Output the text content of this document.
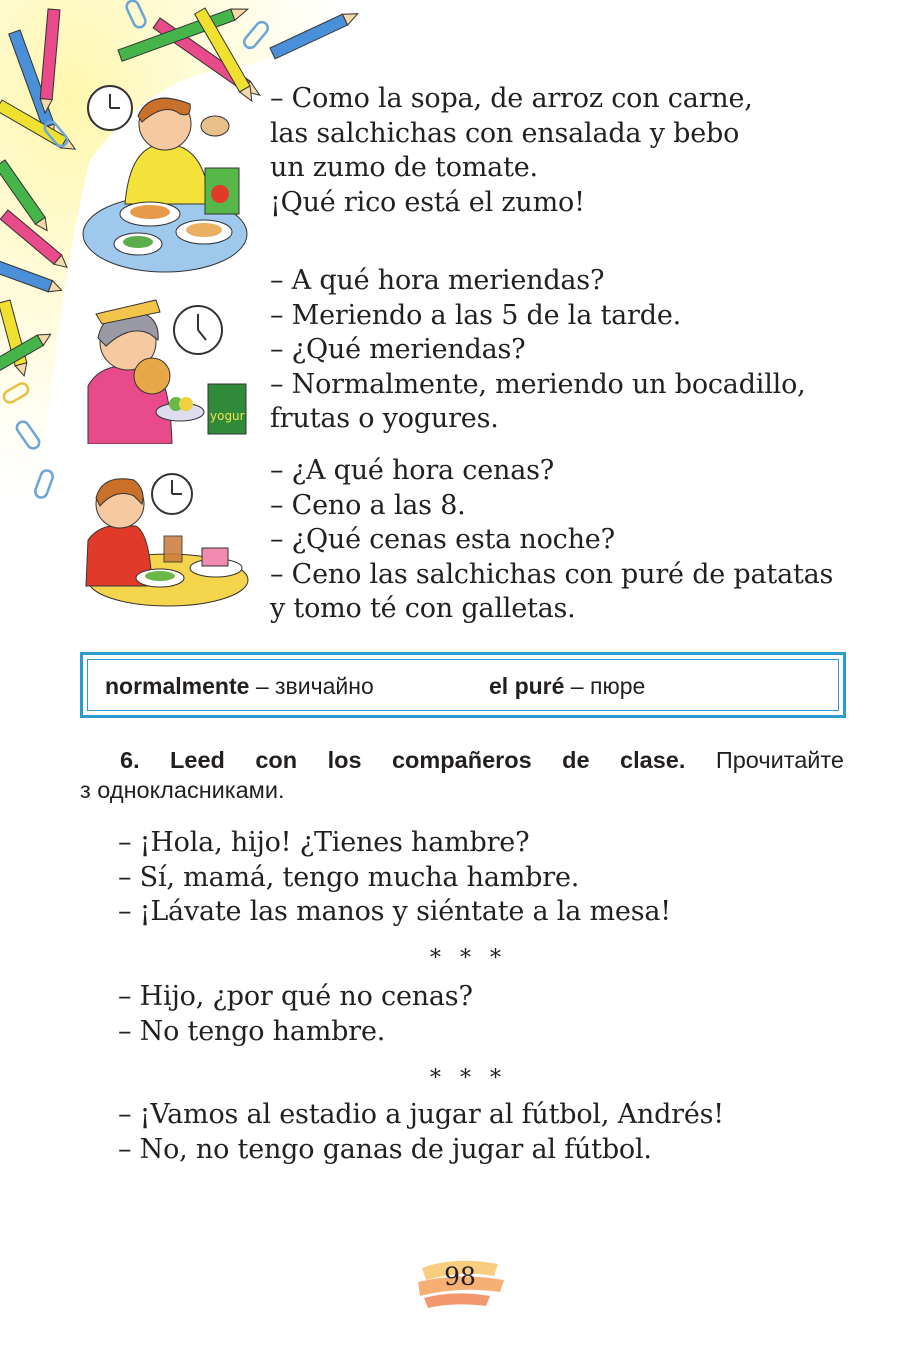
yogur
– Como la sopa, de arroz con carne,
las salchichas con ensalada y bebo
un zumo de tomate.
¡Qué rico está el zumo!
– A qué hora meriendas?
– Meriendo a las 5 de la tarde.
– ¿Qué meriendas?
– Normalmente, meriendo un bocadillo,
frutas o yogures.
– ¿A qué hora cenas?
– Ceno a las 8.
– ¿Qué cenas esta noche?
– Ceno las salchichas con puré de patatas
y tomo té con galletas.
normalmente – звичайно	el puré – пюре
6. Leed con los compañeros de clase. Прочитайте
з однокласниками.
– ¡Hola, hijo! ¿Tienes hambre?
– Sí, mamá, tengo mucha hambre.
– ¡Lávate las manos y siéntate a la mesa!
* * *
– Hijo, ¿por qué no cenas?
– No tengo hambre.
* * *
– ¡Vamos al estadio a jugar al fútbol, Andrés!
– No, no tengo ganas de jugar al fútbol.
98
